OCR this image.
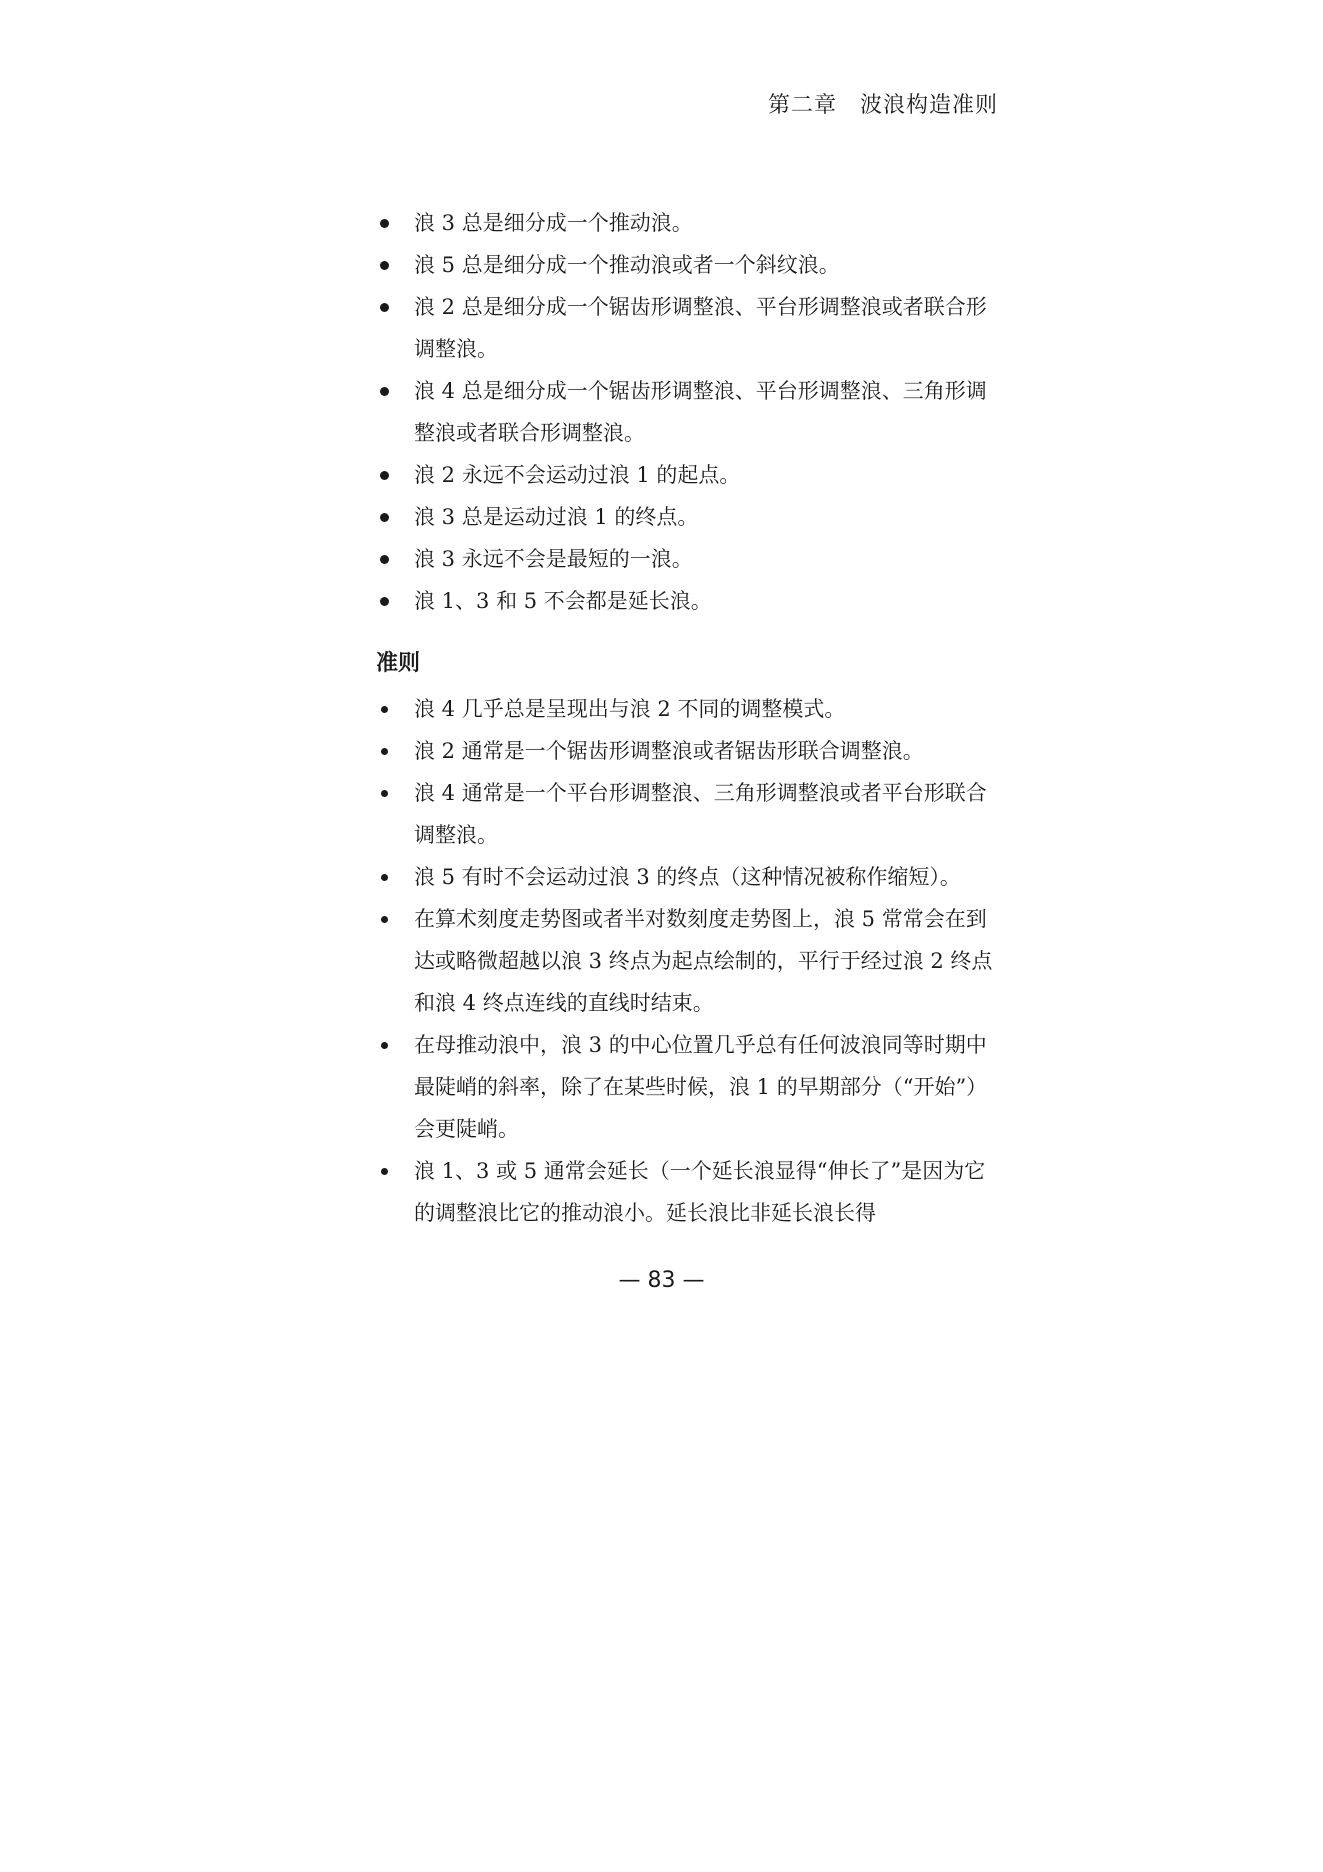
第二章　波浪构造准则
浪 3 总是细分成一个推动浪。
浪 5 总是细分成一个推动浪或者一个斜纹浪。
浪 2 总是细分成一个锯齿形调整浪、平台形调整浪或者联合形调整浪。
浪 4 总是细分成一个锯齿形调整浪、平台形调整浪、三角形调整浪或者联合形调整浪。
浪 2 永远不会运动过浪 1 的起点。
浪 3 总是运动过浪 1 的终点。
浪 3 永远不会是最短的一浪。
浪 1、3 和 5 不会都是延长浪。
准则
浪 4 几乎总是呈现出与浪 2 不同的调整模式。
浪 2 通常是一个锯齿形调整浪或者锯齿形联合调整浪。
浪 4 通常是一个平台形调整浪、三角形调整浪或者平台形联合调整浪。
浪 5 有时不会运动过浪 3 的终点（这种情况被称作缩短）。
在算术刻度走势图或者半对数刻度走势图上，浪 5 常常会在到达或略微超越以浪 3 终点为起点绘制的，平行于经过浪 2 终点和浪 4 终点连线的直线时结束。
在母推动浪中，浪 3 的中心位置几乎总有任何波浪同等时期中最陡峭的斜率，除了在某些时候，浪 1 的早期部分（“开始”）会更陡峭。
浪 1、3 或 5 通常会延长（一个延长浪显得“伸长了”是因为它的调整浪比它的推动浪小。延长浪比非延长浪长得
— 83 —
